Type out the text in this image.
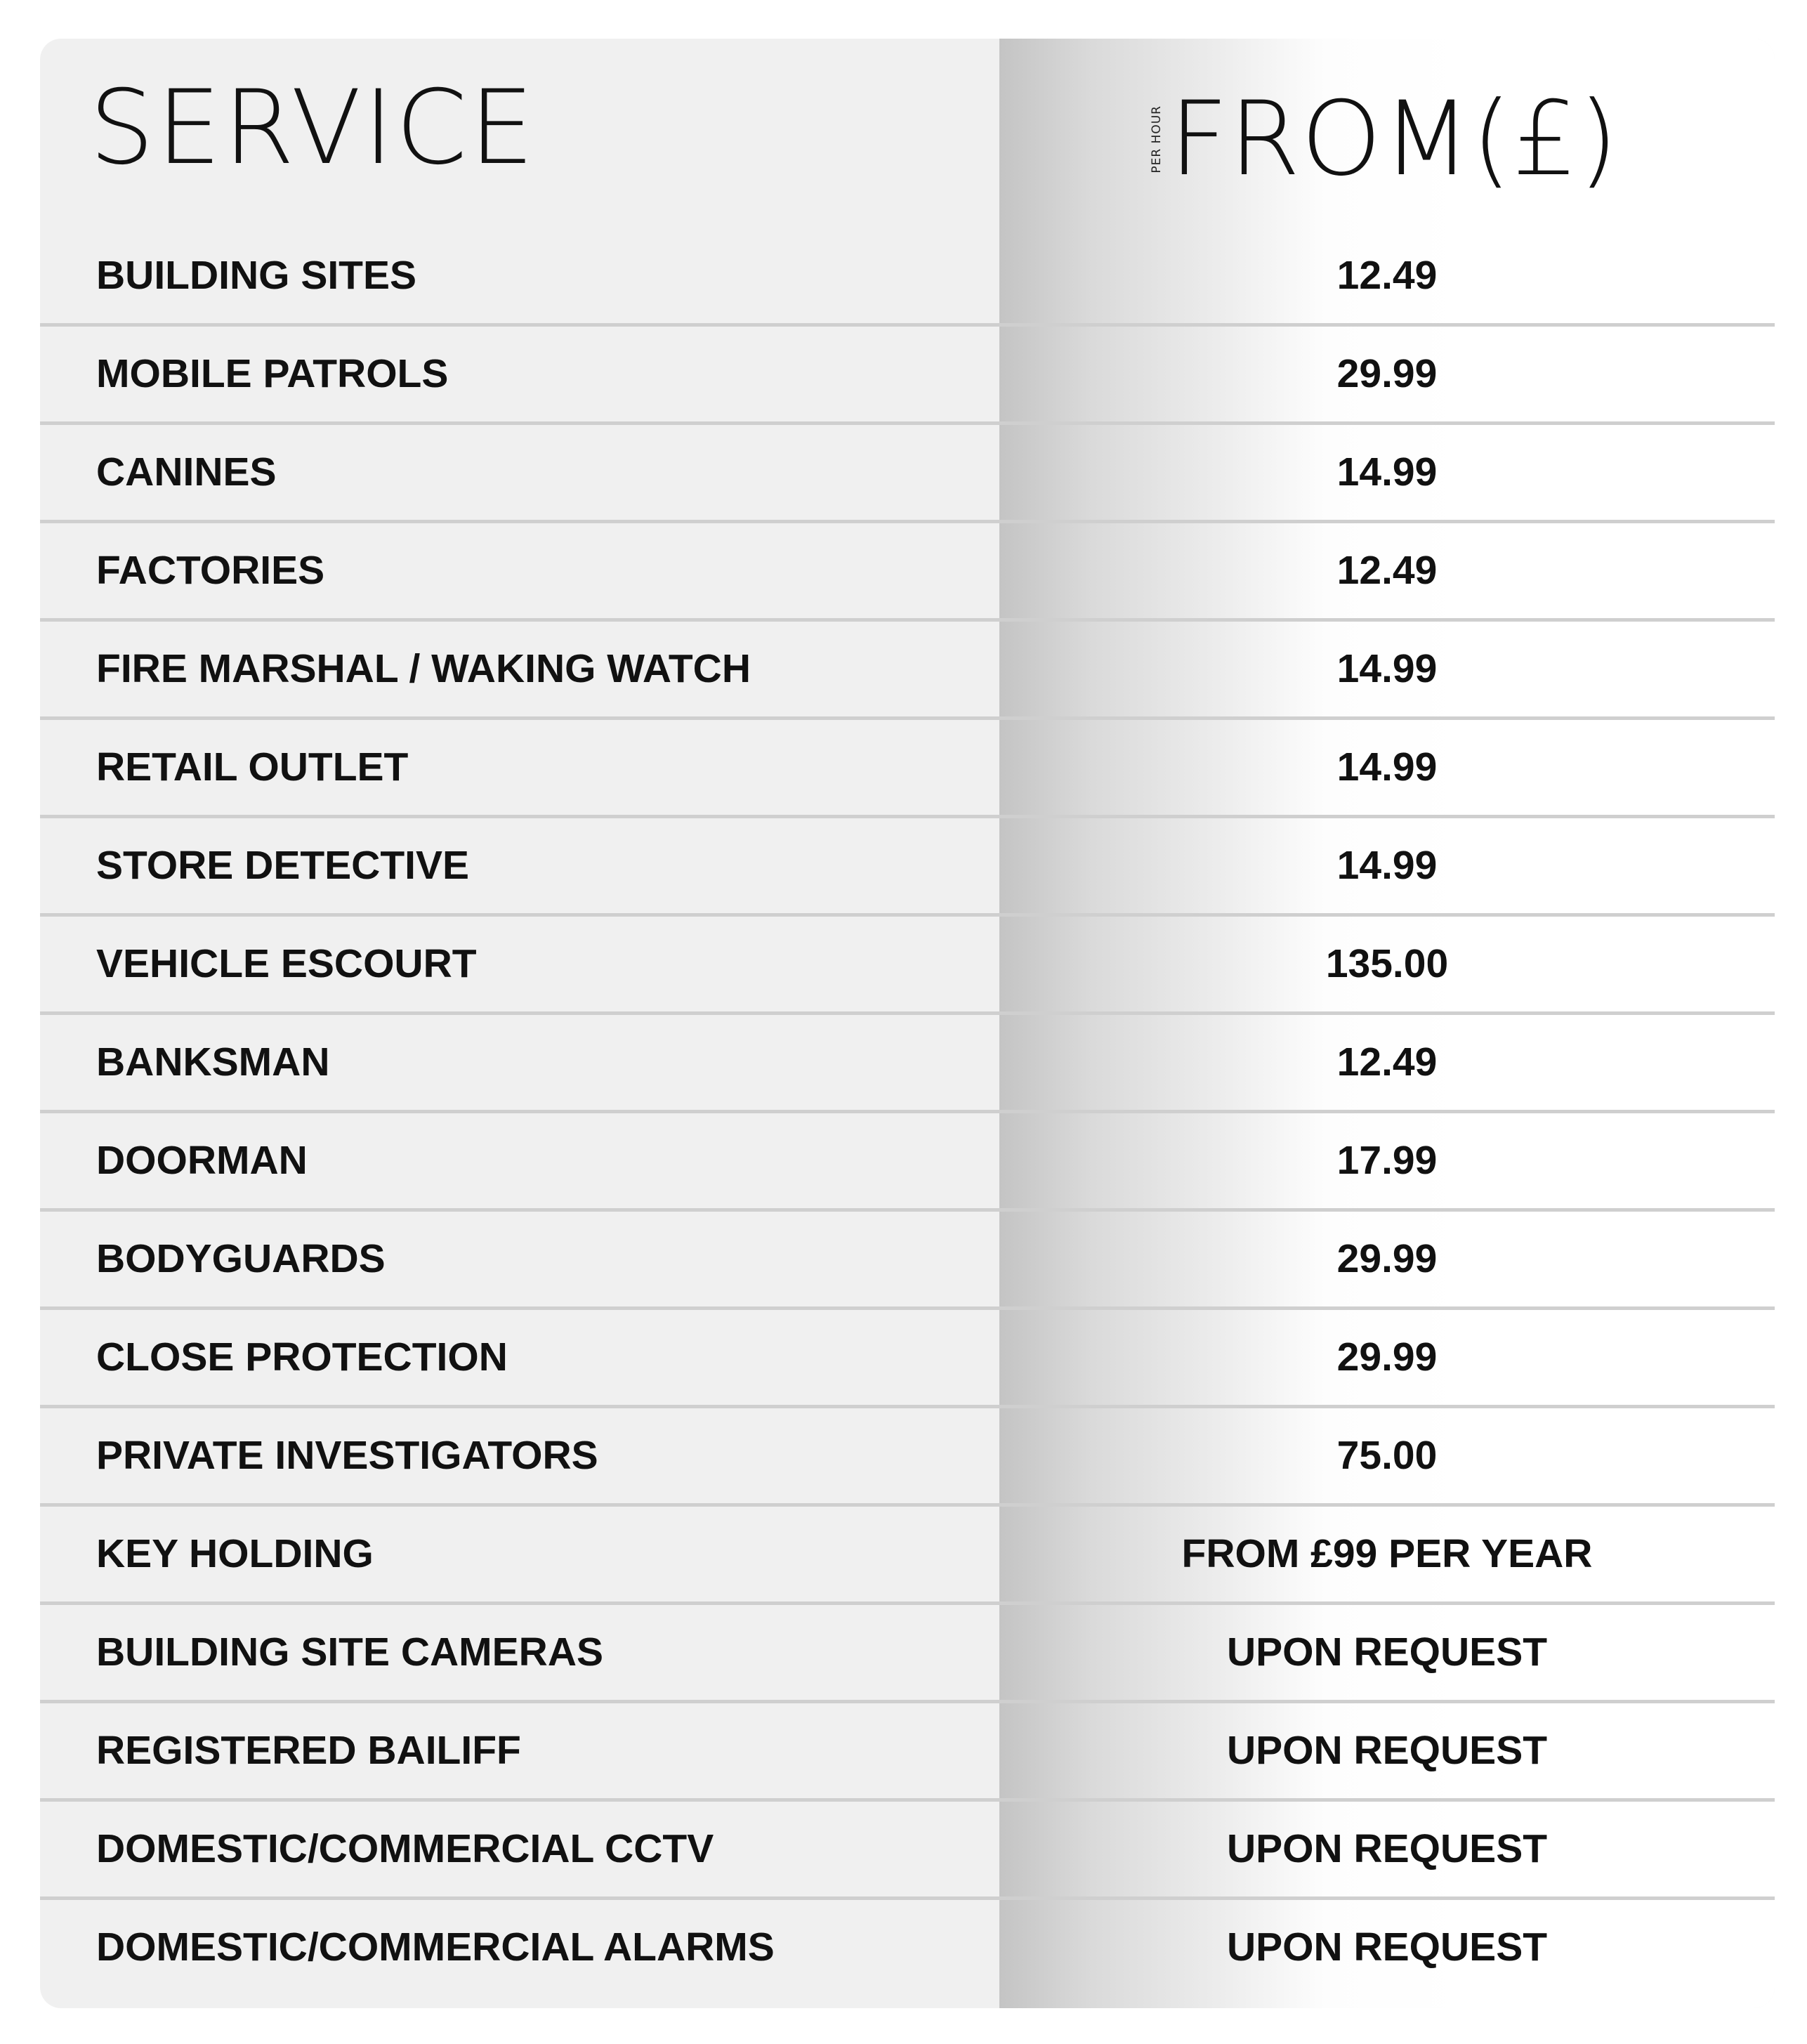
SERVICE	PER HOUR FROM(£)
BUILDING SITES	12.49
MOBILE PATROLS	29.99
CANINES	14.99
FACTORIES	12.49
FIRE MARSHAL / WAKING WATCH	14.99
RETAIL OUTLET	14.99
STORE DETECTIVE	14.99
VEHICLE ESCOURT	135.00
BANKSMAN	12.49
DOORMAN	17.99
BODYGUARDS	29.99
CLOSE PROTECTION	29.99
PRIVATE INVESTIGATORS	75.00
KEY HOLDING	FROM £99 PER YEAR
BUILDING SITE CAMERAS	UPON REQUEST
REGISTERED BAILIFF	UPON REQUEST
DOMESTIC/COMMERCIAL CCTV	UPON REQUEST
DOMESTIC/COMMERCIAL ALARMS	UPON REQUEST
